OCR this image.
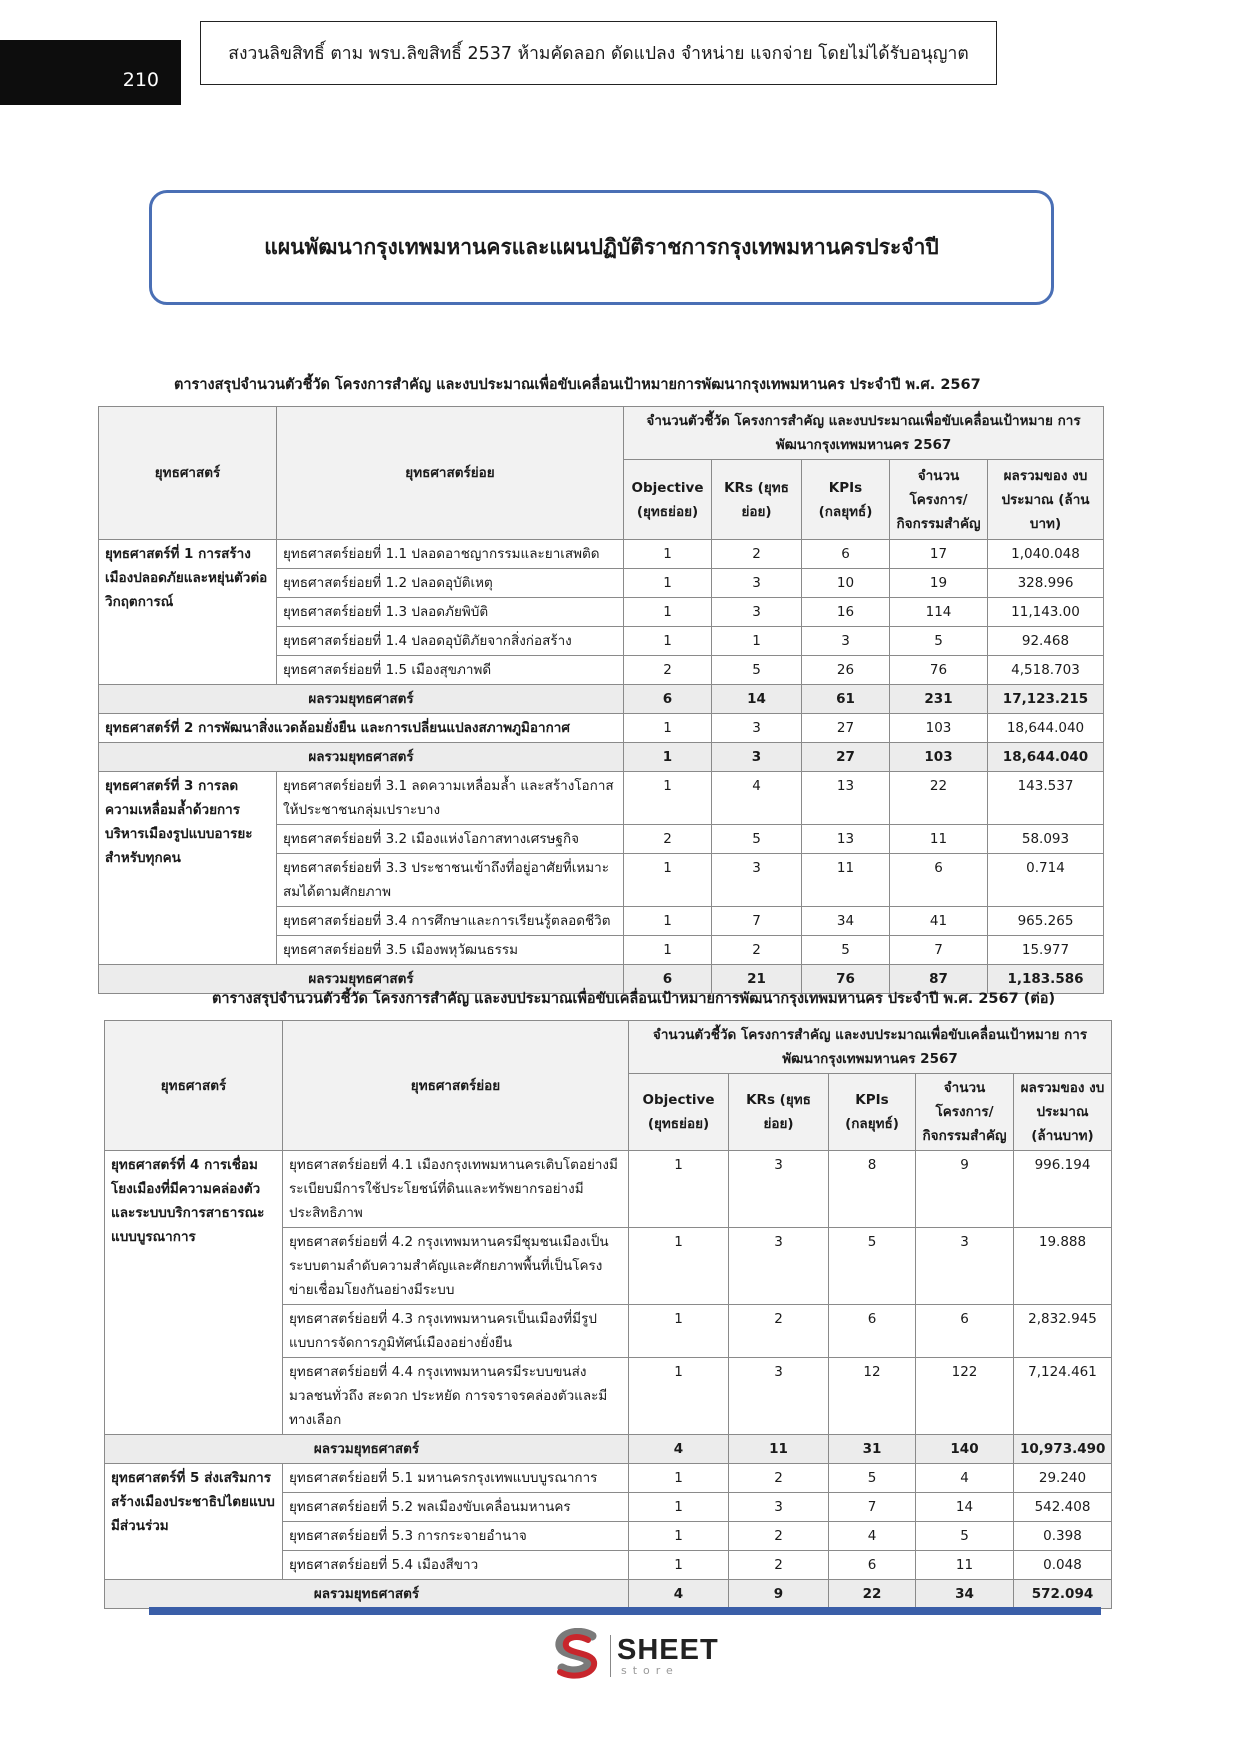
210
สงวนลิขสิทธิ์ ตาม พรบ.ลิขสิทธิ์ 2537 ห้ามคัดลอก ดัดแปลง จำหน่าย แจกจ่าย โดยไม่ได้รับอนุญาต
แผนพัฒนากรุงเทพมหานครและแผนปฏิบัติราชการกรุงเทพมหานครประจำปี
ตารางสรุปจำนวนตัวชี้วัด โครงการสำคัญ และงบประมาณเพื่อขับเคลื่อนเป้าหมายการพัฒนากรุงเทพมหานคร ประจำปี พ.ศ. 2567
ยุทธศาสตร์	ยุทธศาสตร์ย่อย	จำนวนตัวชี้วัด โครงการสำคัญ และงบประมาณเพื่อขับเคลื่อนเป้าหมาย การพัฒนากรุงเทพมหานคร 2567				
		Objective (ยุทธย่อย)	KRs (ยุทธย่อย)	KPIs (กลยุทธ์)	จำนวน โครงการ/ กิจกรรมสำคัญ	ผลรวมของ งบประมาณ (ล้านบาท)
ยุทธศาสตร์ที่ 1 การสร้างเมืองปลอดภัยและหยุ่นตัวต่อวิกฤตการณ์	ยุทธศาสตร์ย่อยที่ 1.1 ปลอดอาชญากรรมและยาเสพติด	1	2	6	17	1,040.048
	ยุทธศาสตร์ย่อยที่ 1.2 ปลอดอุบัติเหตุ	1	3	10	19	328.996
	ยุทธศาสตร์ย่อยที่ 1.3 ปลอดภัยพิบัติ	1	3	16	114	11,143.00
	ยุทธศาสตร์ย่อยที่ 1.4 ปลอดอุบัติภัยจากสิ่งก่อสร้าง	1	1	3	5	92.468
	ยุทธศาสตร์ย่อยที่ 1.5 เมืองสุขภาพดี	2	5	26	76	4,518.703
ผลรวมยุทธศาสตร์		6	14	61	231	17,123.215
ยุทธศาสตร์ที่ 2 การพัฒนาสิ่งแวดล้อมยั่งยืน และการเปลี่ยนแปลงสภาพภูมิอากาศ		1	3	27	103	18,644.040
ผลรวมยุทธศาสตร์		1	3	27	103	18,644.040
ยุทธศาสตร์ที่ 3 การลดความเหลื่อมล้ำด้วยการบริหารเมืองรูปแบบอารยะสำหรับทุกคน	ยุทธศาสตร์ย่อยที่ 3.1 ลดความเหลื่อมล้ำ และสร้างโอกาสให้ประชาชนกลุ่มเปราะบาง	1	4	13	22	143.537
	ยุทธศาสตร์ย่อยที่ 3.2 เมืองแห่งโอกาสทางเศรษฐกิจ	2	5	13	11	58.093
	ยุทธศาสตร์ย่อยที่ 3.3 ประชาชนเข้าถึงที่อยู่อาศัยที่เหมาะสมได้ตามศักยภาพ	1	3	11	6	0.714
	ยุทธศาสตร์ย่อยที่ 3.4 การศึกษาและการเรียนรู้ตลอดชีวิต	1	7	34	41	965.265
	ยุทธศาสตร์ย่อยที่ 3.5 เมืองพหุวัฒนธรรม	1	2	5	7	15.977
ผลรวมยุทธศาสตร์		6	21	76	87	1,183.586
ตารางสรุปจำนวนตัวชี้วัด โครงการสำคัญ และงบประมาณเพื่อขับเคลื่อนเป้าหมายการพัฒนากรุงเทพมหานคร ประจำปี พ.ศ. 2567 (ต่อ)
ยุทธศาสตร์	ยุทธศาสตร์ย่อย	จำนวนตัวชี้วัด โครงการสำคัญ และงบประมาณเพื่อขับเคลื่อนเป้าหมาย การพัฒนากรุงเทพมหานคร 2567				
		Objective (ยุทธย่อย)	KRs (ยุทธย่อย)	KPIs (กลยุทธ์)	จำนวน โครงการ/ กิจกรรมสำคัญ	ผลรวมของ งบประมาณ (ล้านบาท)
ยุทธศาสตร์ที่ 4 การเชื่อมโยงเมืองที่มีความคล่องตัวและระบบบริการสาธารณะแบบบูรณาการ	ยุทธศาสตร์ย่อยที่ 4.1 เมืองกรุงเทพมหานครเติบโตอย่างมีระเบียบมีการใช้ประโยชน์ที่ดินและทรัพยากรอย่างมีประสิทธิภาพ	1	3	8	9	996.194
	ยุทธศาสตร์ย่อยที่ 4.2 กรุงเทพมหานครมีชุมชนเมืองเป็นระบบตามลำดับความสำคัญและศักยภาพพื้นที่เป็นโครงข่ายเชื่อมโยงกันอย่างมีระบบ	1	3	5	3	19.888
	ยุทธศาสตร์ย่อยที่ 4.3 กรุงเทพมหานครเป็นเมืองที่มีรูปแบบการจัดการภูมิทัศน์เมืองอย่างยั่งยืน	1	2	6	6	2,832.945
	ยุทธศาสตร์ย่อยที่ 4.4 กรุงเทพมหานครมีระบบขนส่งมวลชนทั่วถึง สะดวก ประหยัด การจราจรคล่องตัวและมีทางเลือก	1	3	12	122	7,124.461
ผลรวมยุทธศาสตร์		4	11	31	140	10,973.490
ยุทธศาสตร์ที่ 5 ส่งเสริมการสร้างเมืองประชาธิปไตยแบบมีส่วนร่วม	ยุทธศาสตร์ย่อยที่ 5.1 มหานครกรุงเทพแบบบูรณาการ	1	2	5	4	29.240
	ยุทธศาสตร์ย่อยที่ 5.2 พลเมืองขับเคลื่อนมหานคร	1	3	7	14	542.408
	ยุทธศาสตร์ย่อยที่ 5.3 การกระจายอำนาจ	1	2	4	5	0.398
	ยุทธศาสตร์ย่อยที่ 5.4 เมืองสีขาว	1	2	6	11	0.048
ผลรวมยุทธศาสตร์		4	9	22	34	572.094
SHEET
store
